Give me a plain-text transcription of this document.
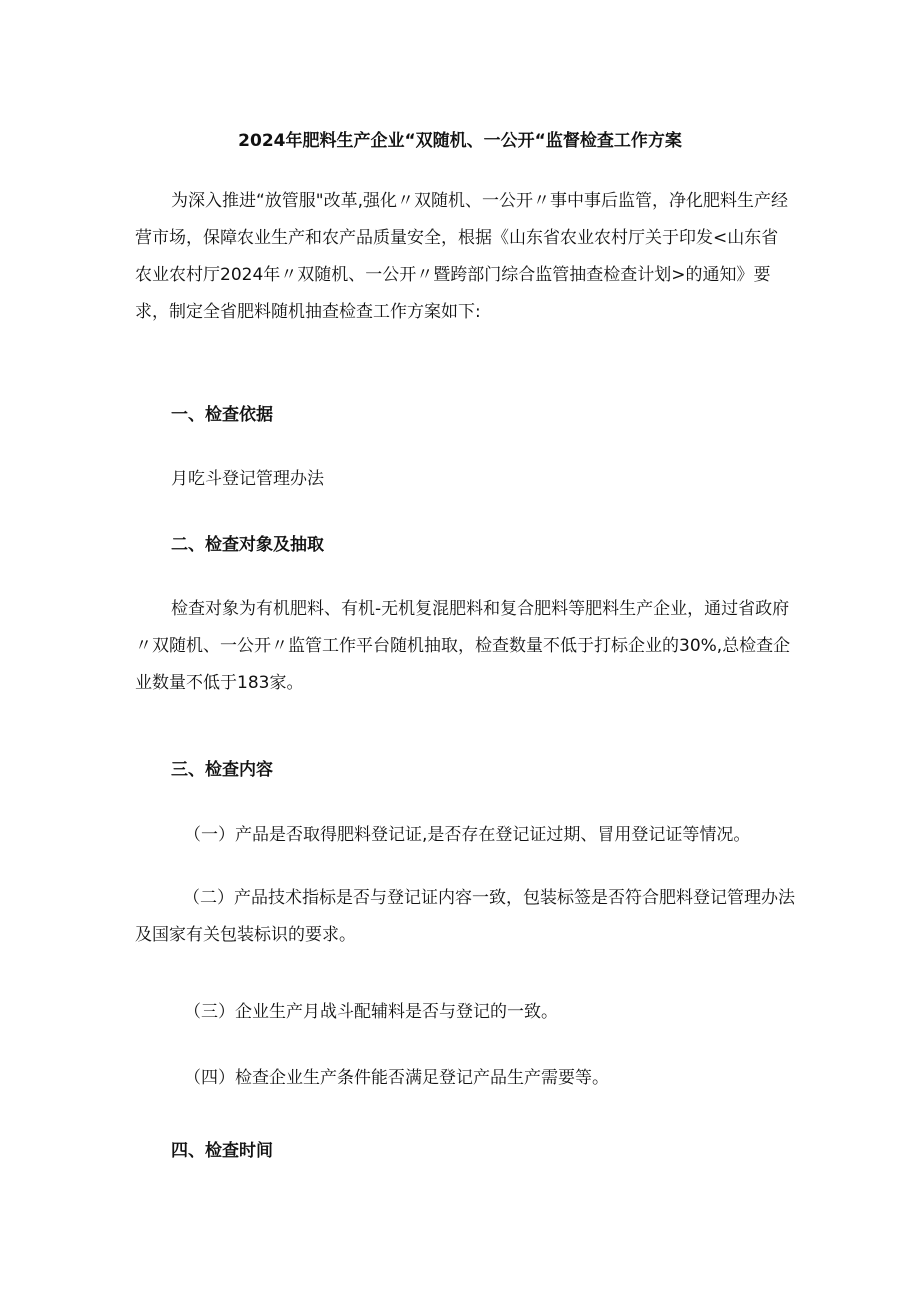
2024年肥料生产企业“双随机、一公开“监督检查工作方案

为深入推进“放管服"改革,强化〃双随机、一公开〃事中事后监管，净化肥料生产经营市场，保障农业生产和农产品质量安全，根据《山东省农业农村厅关于印发<山东省农业农村厅2024年〃双随机、一公开〃暨跨部门综合监管抽查检查计划>的通知》要求，制定全省肥料随机抽查检查工作方案如下:

一、检查依据
月吃斗登记管理办法
二、检查对象及抽取

检查对象为有机肥料、有机-无机复混肥料和复合肥料等肥料生产企业，通过省政府〃双随机、一公开〃监管工作平台随机抽取，检查数量不低于打标企业的30%,总检查企业数量不低于183家。

三、检查内容
（一）产品是否取得肥料登记证,是否存在登记证过期、冒用登记证等情况。

（二）产品技术指标是否与登记证内容一致，包装标签是否符合肥料登记管理办法及国家有关包装标识的要求。

（三）企业生产月战斗配辅料是否与登记的一致。
（四）检查企业生产条件能否满足登记产品生产需要等。
四、检查时间
